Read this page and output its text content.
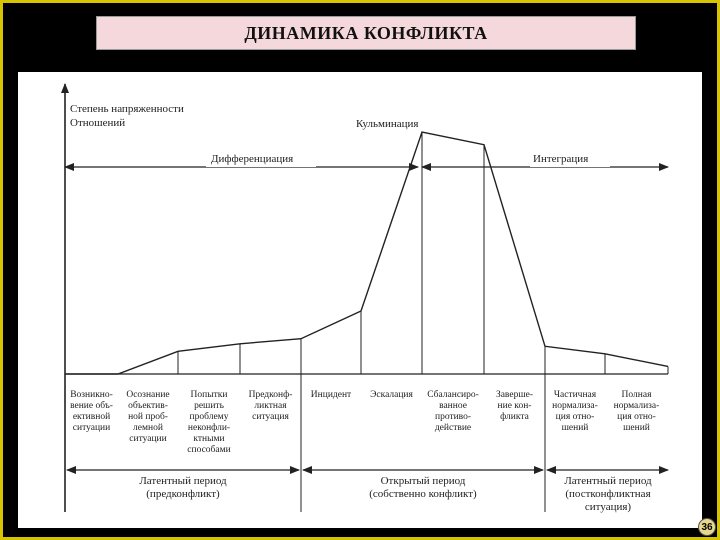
ДИНАМИКА КОНФЛИКТА
Степень напряженности
Отношений	Кульминация
Дифференциация	Интеграция
Возникно-вение объ-ективной ситуации
Осознание объектив-ной проб-лемной ситуации
Попытки решить проблему неконфли-ктными способами
Предконф-ликтная ситуация
Инцидент Эскалация Сбалансиро-ванное противо-действие
Заверше-ние кон-фликта
Частичная нормализа-ция отно-шений
Полная нормализа-ция отно-шений
Латентный период
(предконфликт)
Открытый период
(собственно конфликт)
Латентный период
(постконфликтная
ситуация)
36
